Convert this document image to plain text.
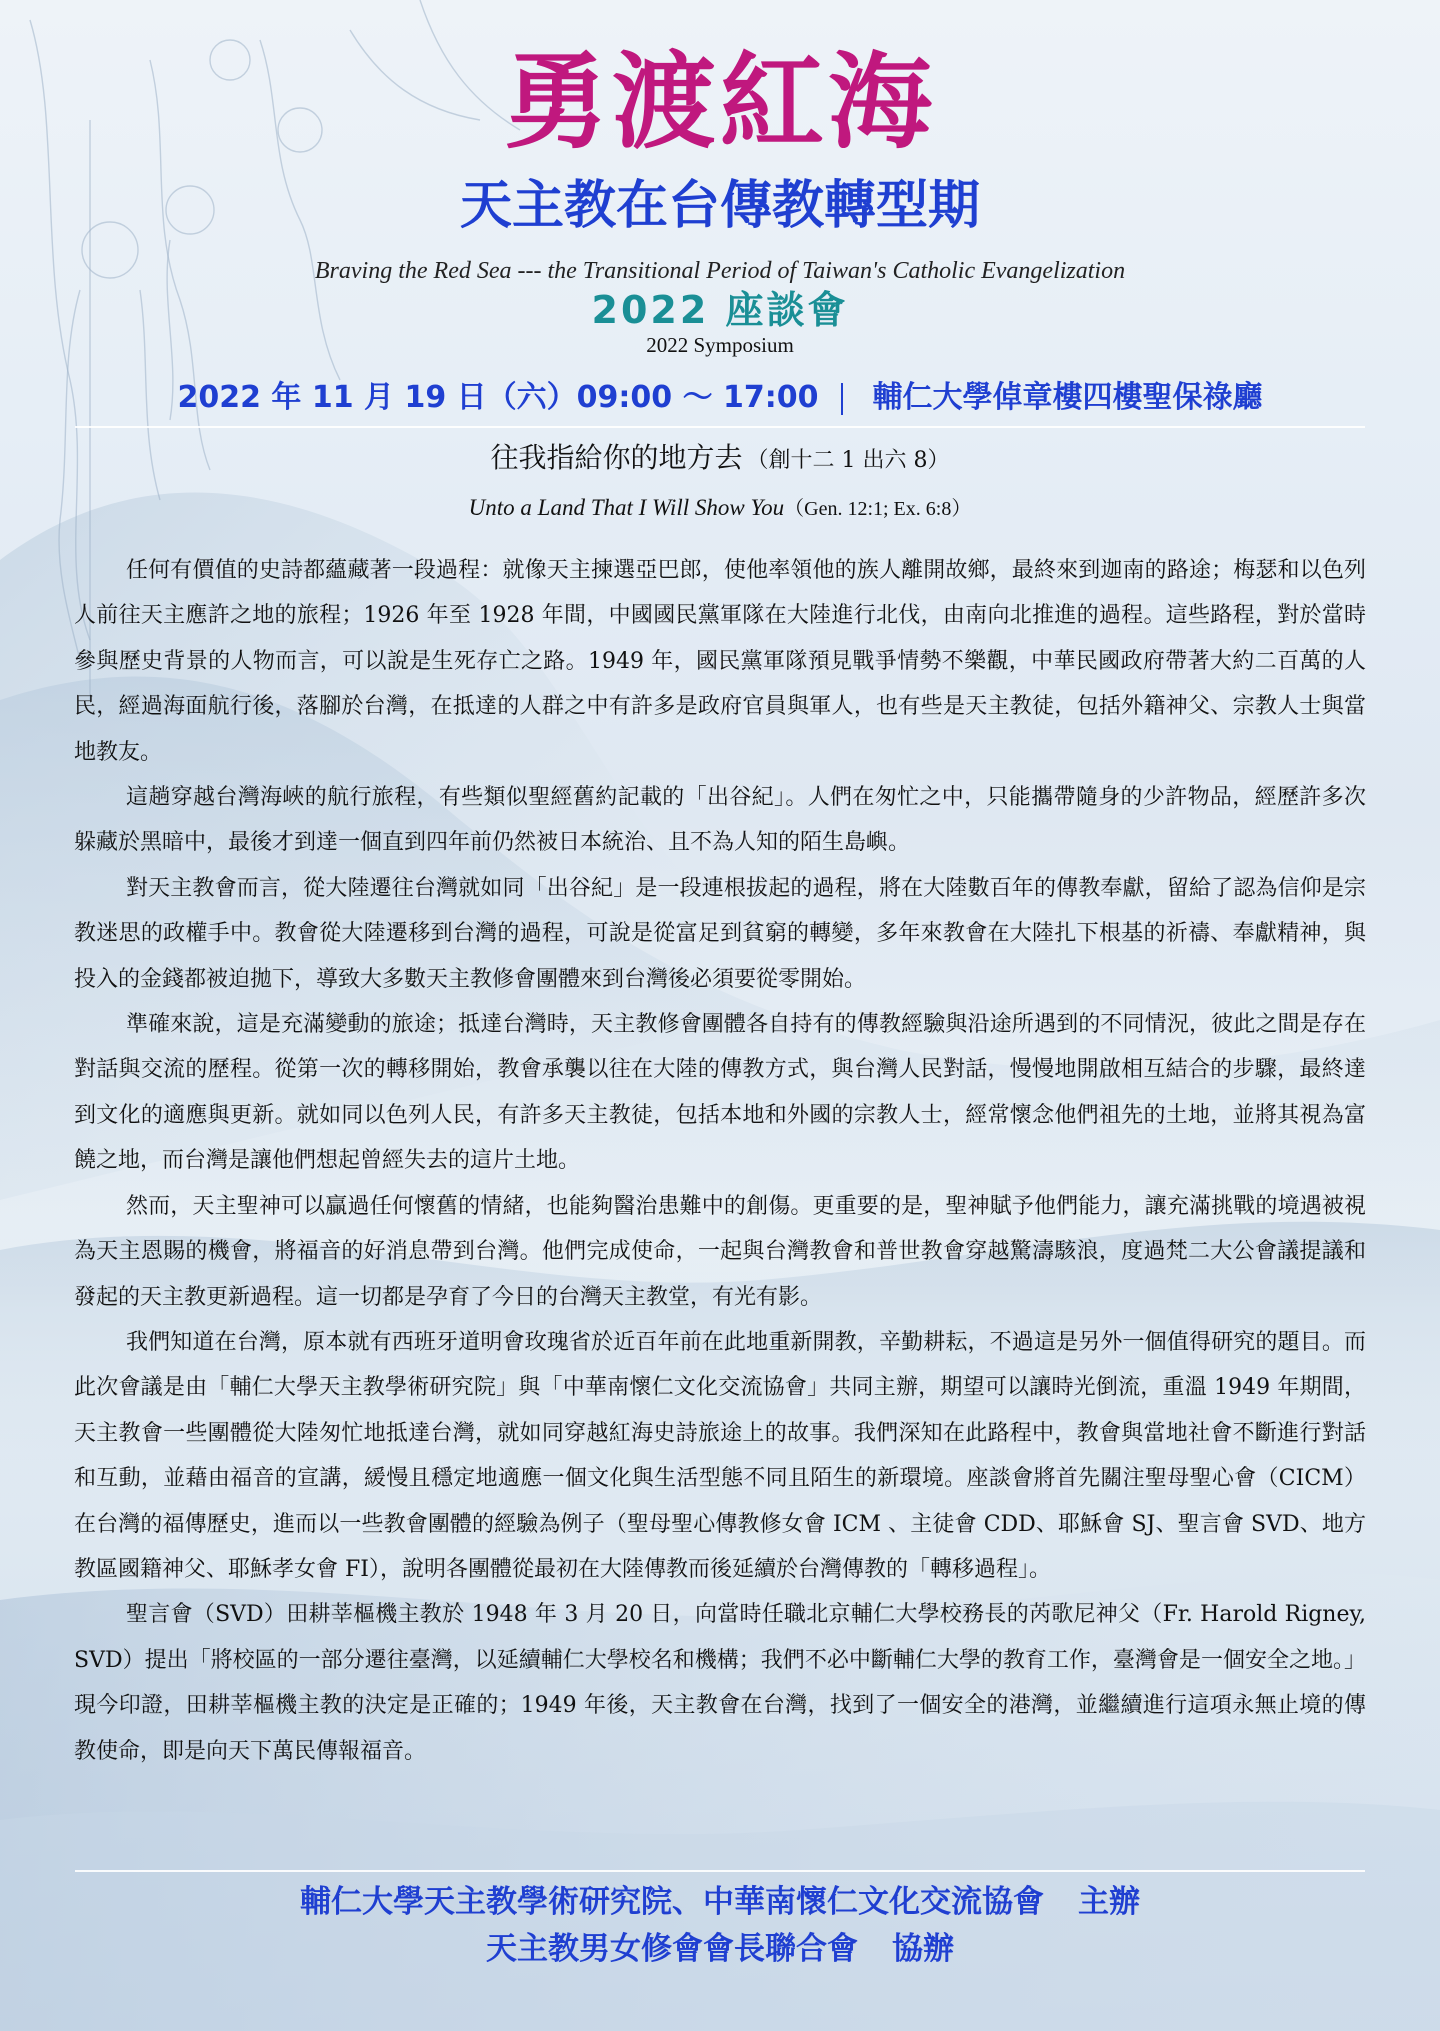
勇渡紅海
天主教在台傳教轉型期
Braving the Red Sea --- the Transitional Period of Taiwan's Catholic Evangelization
2022 座談會
2022 Symposium
2022 年 11 月 19 日（六）09:00 ～ 17:00 輔仁大學倬章樓四樓聖保祿廳
往我指給你的地方去 （創十二 1 出六 8）
Unto a Land That I Will Show You（Gen. 12:1; Ex. 6:8）

任何有價值的史詩都蘊藏著一段過程：就像天主揀選亞巴郎，使他率領他的族人離開故鄉，最終來到迦南的路途；梅瑟和以色列人前往天主應許之地的旅程；1926 年至 1928 年間，中國國民黨軍隊在大陸進行北伐，由南向北推進的過程。這些路程，對於當時參與歷史背景的人物而言，可以說是生死存亡之路。1949 年，國民黨軍隊預見戰爭情勢不樂觀，中華民國政府帶著大約二百萬的人民，經過海面航行後，落腳於台灣，在抵達的人群之中有許多是政府官員與軍人，也有些是天主教徒，包括外籍神父、宗教人士與當地教友。

這趟穿越台灣海峽的航行旅程，有些類似聖經舊約記載的「出谷紀」。人們在匆忙之中，只能攜帶隨身的少許物品，經歷許多次躲藏於黑暗中，最後才到達一個直到四年前仍然被日本統治、且不為人知的陌生島嶼。

對天主教會而言，從大陸遷往台灣就如同「出谷紀」是一段連根拔起的過程，將在大陸數百年的傳教奉獻，留給了認為信仰是宗教迷思的政權手中。教會從大陸遷移到台灣的過程，可說是從富足到貧窮的轉變，多年來教會在大陸扎下根基的祈禱、奉獻精神，與投入的金錢都被迫拋下，導致大多數天主教修會團體來到台灣後必須要從零開始。

準確來說，這是充滿變動的旅途；抵達台灣時，天主教修會團體各自持有的傳教經驗與沿途所遇到的不同情況，彼此之間是存在對話與交流的歷程。從第一次的轉移開始，教會承襲以往在大陸的傳教方式，與台灣人民對話，慢慢地開啟相互結合的步驟，最終達到文化的適應與更新。就如同以色列人民，有許多天主教徒，包括本地和外國的宗教人士，經常懷念他們祖先的土地，並將其視為富饒之地，而台灣是讓他們想起曾經失去的這片土地。

然而，天主聖神可以贏過任何懷舊的情緒，也能夠醫治患難中的創傷。更重要的是，聖神賦予他們能力，讓充滿挑戰的境遇被視為天主恩賜的機會，將福音的好消息帶到台灣。他們完成使命，一起與台灣教會和普世教會穿越驚濤駭浪，度過梵二大公會議提議和發起的天主教更新過程。這一切都是孕育了今日的台灣天主教堂，有光有影。

我們知道在台灣，原本就有西班牙道明會玫瑰省於近百年前在此地重新開教，辛勤耕耘，不過這是另外一個值得研究的題目。而此次會議是由「輔仁大學天主教學術研究院」與「中華南懷仁文化交流協會」共同主辦，期望可以讓時光倒流，重溫 1949 年期間，天主教會一些團體從大陸匆忙地抵達台灣，就如同穿越紅海史詩旅途上的故事。我們深知在此路程中，教會與當地社會不斷進行對話和互動，並藉由福音的宣講，緩慢且穩定地適應一個文化與生活型態不同且陌生的新環境。座談會將首先關注聖母聖心會（CICM）在台灣的福傳歷史，進而以一些教會團體的經驗為例子（聖母聖心傳教修女會 ICM 、主徒會 CDD、耶穌會 SJ、聖言會 SVD、地方教區國籍神父、耶穌孝女會 FI），說明各團體從最初在大陸傳教而後延續於台灣傳教的「轉移過程」。

聖言會（SVD）田耕莘樞機主教於 1948 年 3 月 20 日，向當時任職北京輔仁大學校務長的芮歌尼神父（Fr. Harold Rigney, SVD）提出「將校區的一部分遷往臺灣，以延續輔仁大學校名和機構；我們不必中斷輔仁大學的教育工作，臺灣會是一個安全之地。」現今印證，田耕莘樞機主教的決定是正確的；1949 年後，天主教會在台灣，找到了一個安全的港灣，並繼續進行這項永無止境的傳教使命，即是向天下萬民傳報福音。

輔仁大學天主教學術研究院、中華南懷仁文化交流協會 主辦
天主教男女修會會長聯合會 協辦
